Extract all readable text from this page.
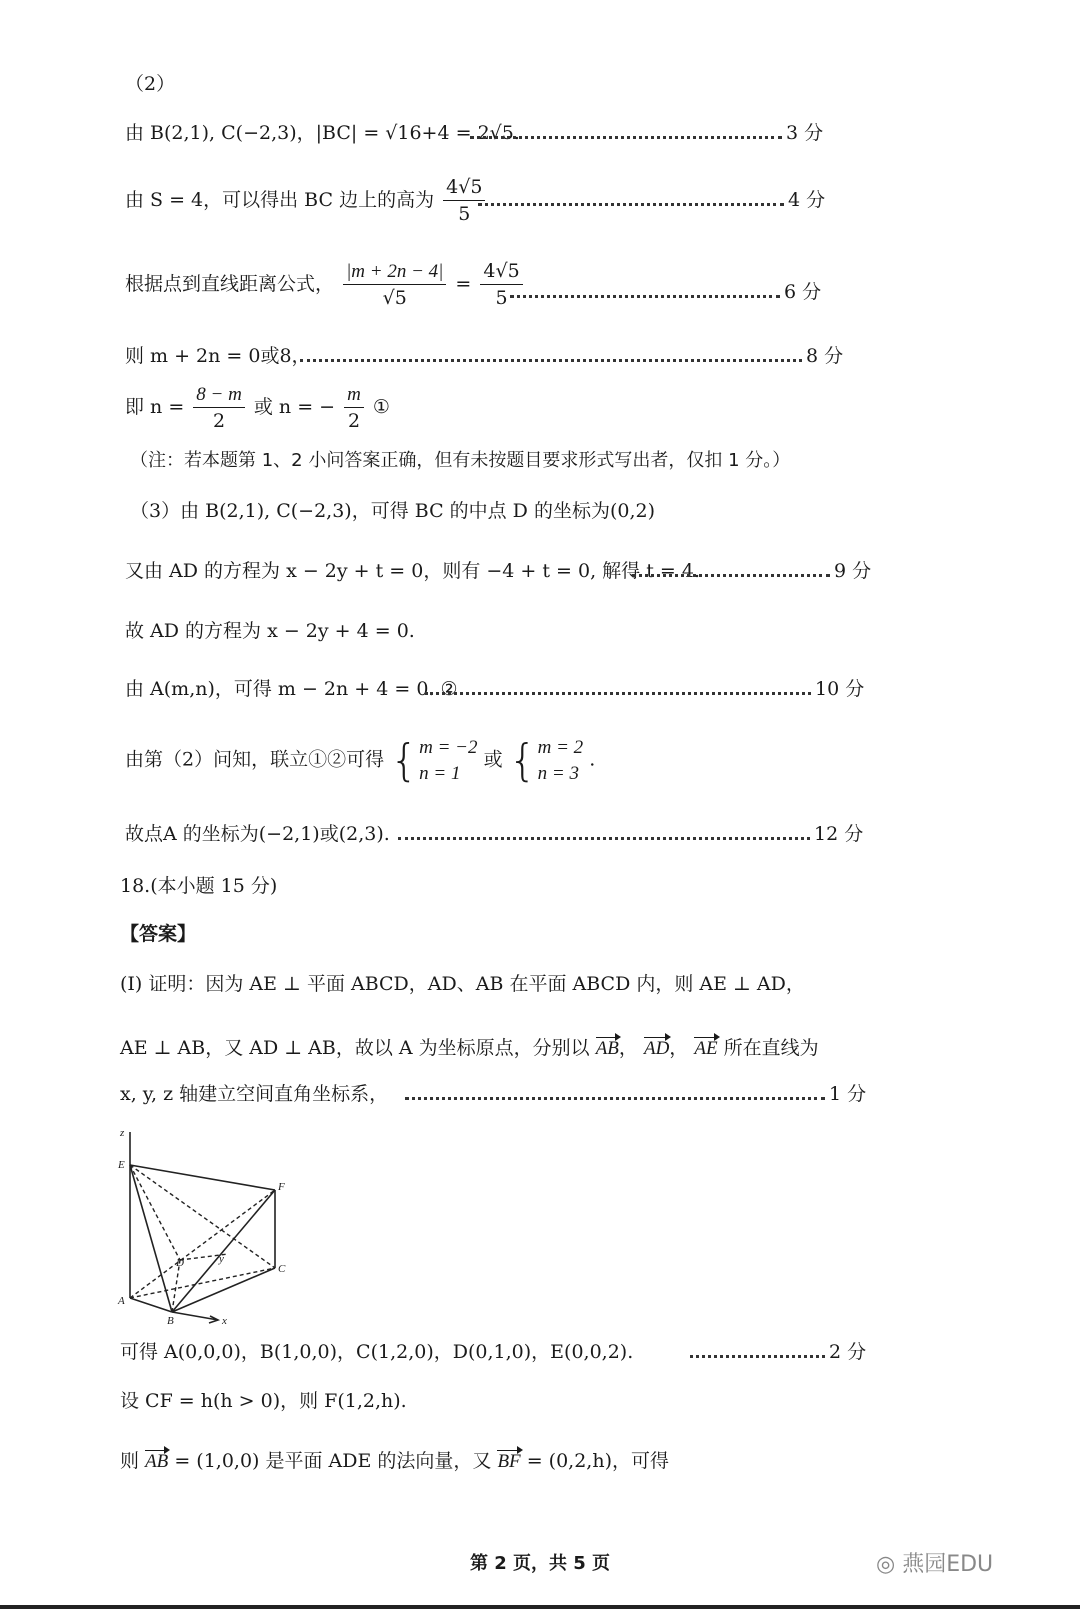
（2）
由 B(2,1), C(−2,3)，|BC| = √16+4 = 2√5.	3 分
由 S = 4，可以得出 BC 边上的高为 $\frac{4√5}{5}$	4 分
根据点到直线距离公式， $\frac{|m + 2n - 4|}{√5} = \frac{4√5}{5}$	6 分
则 m + 2n = 0或8，	8 分
即 $n = \frac{8 - m}{2}$ 或 n = − $\frac{m}{2}$ ①
（注：若本题第 1、2 小问答案正确，但有未按题目要求形式写出者，仅扣 1 分。）
（3）由 B(2,1), C(−2,3)，可得 BC 的中点 D 的坐标为(0,2)
又由 AD 的方程为 x − 2y + t = 0，则有 −4 + t = 0, 解得 t = 4.	9 分
故 AD 的方程为 x − 2y + 4 = 0.
由 A(m,n)，可得 m − 2n + 4 = 0. ②	10 分
由第（2）问知，联立①②可得 { m = −2
n = 1
或 { m = 2
n = 3
.
故点A 的坐标为(−2,1)或(2,3).	12 分
18.(本小题 15 分)
【答案】
(I) 证明：因为 AE ⊥ 平面 ABCD，AD、AB 在平面 ABCD 内，则 AE ⊥ AD，
AE ⊥ AB，又 AD ⊥ AB，故以 A 为坐标原点，分别以 AB， AD， AE 所在直线为
x, y, z 轴建立空间直角坐标系，	1 分
z
E
F
D	y
C
A
B	x
可得 A(0,0,0)，B(1,0,0)，C(1,2,0)，D(0,1,0)，E(0,0,2).	2 分
设 CF = h(h > 0)，则 F(1,2,h).
则 AB = (1,0,0) 是平面 ADE 的法向量，又 BF = (0,2,h)，可得
第 2 页，共 5 页	◎ 燕园EDU
